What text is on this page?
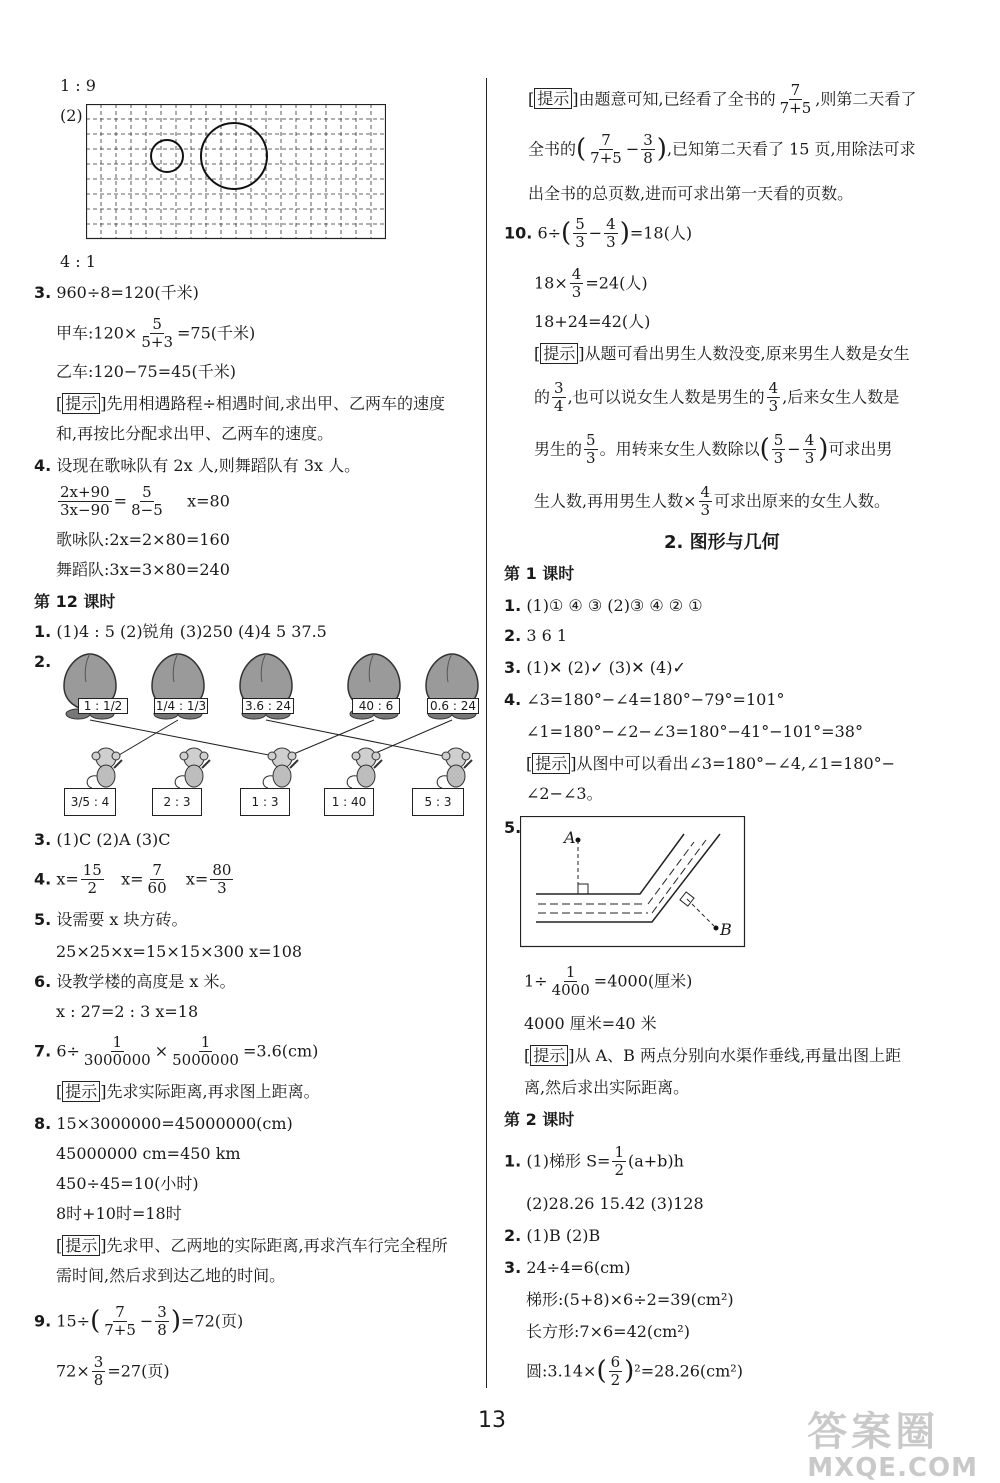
1 : 9
(2)
4 : 1
3. 960÷8=120(千米)
甲车:120× $\frac{5}{5+3} =75$(千米)
乙车:120−75=45(千米)
[ 提示 ]先用相遇路程÷相遇时间,求出甲、乙两车的速度
和,再按比分配求出甲、乙两车的速度。
4. 设现在歌咏队有 2x 人,则舞蹈队有 3x 人。
$\frac{2x+90}{3x-90} = \frac{5}{8-5} x=80$
歌咏队:2x=2×80=160
舞蹈队:3x=3×80=240
第 12 课时
1. (1)4 : 5 (2)锐角 (3)250 (4)4 5 37.5
2.
1 : 1/2	1/4 : 1/3	3.6 : 24	40 : 6	0.6 : 24
3/5 : 4	2 : 3	1 : 3	1 : 40	5 : 3
3. (1)C (2)A (3)C
4. $x= \frac{15}{2} x= \frac{7}{60} x= \frac{80}{3}$
5. 设需要 x 块方砖。
25×25×x=15×15×300 x=108
6. 设教学楼的高度是 x 米。
x : 27=2 : 3 x=18
7. $6\div \frac{1}{3000000} \times \frac{1}{5000000} =3.6(cm)$
[ 提示 ]先求实际距离,再求图上距离。
8. 15×3000000=45000000(cm)
45000000 cm=450 km
450÷45=10(小时)
8时+10时=18时
[ 提示 ]先求甲、乙两地的实际距离,再求汽车行完全程所
需时间,然后求到达乙地的时间。
9. $15\div( \frac{7}{7+5} - \frac{3}{8} )=72$(页)
$72\times \frac{3}{8} =27$(页)
[ 提示 ]由题意可知,已经看了全书的 $\frac{7}{7+5}$ ,则第二天看了
全书的( $\frac{7}{7+5} - \frac{3}{8}$ ),已知第二天看了 15 页,用除法可求
出全书的总页数,进而可求出第一天看的页数。
10. $6\div( \frac{5}{3} - \frac{4}{3} )=18$(人)
$18\times \frac{4}{3} =24$(人)
18+24=42(人)
[ 提示 ]从题可看出男生人数没变,原来男生人数是女生
的 $\frac{3}{4}$ ,也可以说女生人数是男生的 $\frac{4}{3}$ ,后来女生人数是
男生的 $\frac{5}{3}$ 。用转来女生人数除以( $\frac{5}{3} - \frac{4}{3}$ )可求出男
生人数,再用男生人数× $\frac{4}{3}$ 可求出原来的女生人数。
2. 图形与几何
第 1 课时
1. (1)① ④ ③ (2)③ ④ ② ①
2. 3 6 1
3. (1)✕ (2)✓ (3)✕ (4)✓
4. ∠3=180°−∠4=180°−79°=101°
∠1=180°−∠2−∠3=180°−41°−101°=38°
[ 提示 ]从图中可以看出∠3=180°−∠4,∠1=180°−
∠2−∠3。
5.
A
B
$1\div \frac{1}{4000} =4000$(厘米)
4000 厘米=40 米
[ 提示 ]从 A、B 两点分别向水渠作垂线,再量出图上距
离,然后求出实际距离。
第 2 课时
1. (1)梯形 $S= \frac{1}{2} (a+b)h$
(2)28.26 15.42 (3)128
2. (1)B (2)B
3. 24÷4=6(cm)
梯形:(5+8)×6÷2=39(cm²)
长方形:7×6=42(cm²)
圆:3.14×( $\frac{6}{2} )^2=28.26(cm^2)$
13	答案圈
MXQE.COM
